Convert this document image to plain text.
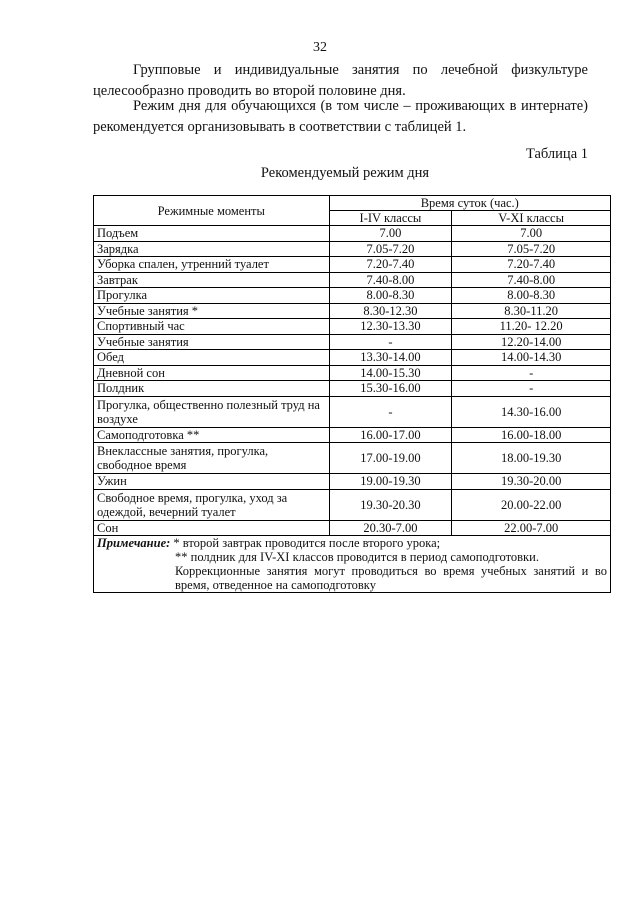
32
Групповые и индивидуальные занятия по лечебной физкультуре целесообразно проводить во второй половине дня.
Режим дня для обучающихся (в том числе – проживающих в интернате) рекомендуется организовывать в соответствии с таблицей 1.
Таблица 1
Рекомендуемый режим дня
Режимные моменты	Время суток (час.)	
	I-IV классы	V-XI классы
Подъем	7.00	7.00
Зарядка	7.05-7.20	7.05-7.20
Уборка спален, утренний туалет	7.20-7.40	7.20-7.40
Завтрак	7.40-8.00	7.40-8.00
Прогулка	8.00-8.30	8.00-8.30
Учебные занятия *	8.30-12.30	8.30-11.20
Спортивный час	12.30-13.30	11.20- 12.20
Учебные занятия	-	12.20-14.00
Обед	13.30-14.00	14.00-14.30
Дневной сон	14.00-15.30	-
Полдник	15.30-16.00	-
Прогулка, общественно полезный труд на воздухе	-	14.30-16.00
Самоподготовка **	16.00-17.00	16.00-18.00
Внеклассные занятия, прогулка, свободное время	17.00-19.00	18.00-19.30
Ужин	19.00-19.30	19.30-20.00
Свободное время, прогулка, уход за одеждой, вечерний туалет	19.30-20.30	20.00-22.00
Сон	20.30-7.00	22.00-7.00

Примечание: * второй завтрак проводится после второго урока;
** полдник для IV-XI классов проводится в период самоподготовки.
Коррекционные занятия могут проводиться во время учебных занятий и во время, отведенное на самоподготовку		
